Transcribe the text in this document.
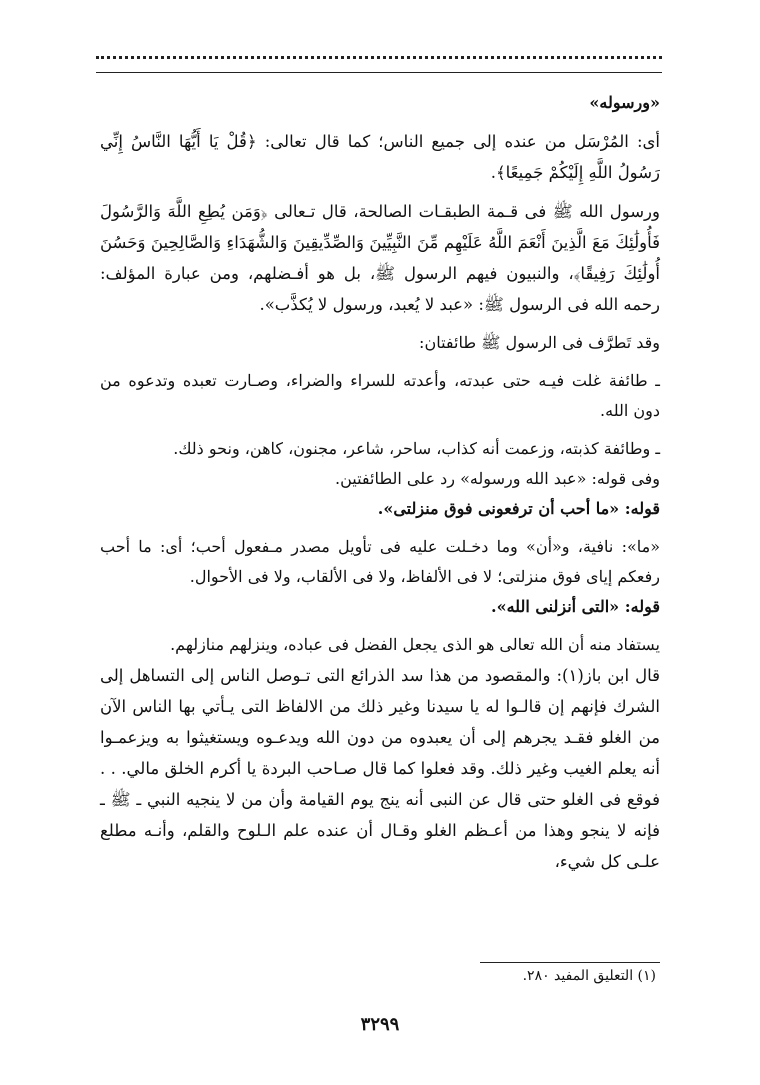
«ورسوله»

أى: المُرْسَل من عنده إلى جميع الناس؛ كما قال تعالى: ﴿قُلْ يَا أَيُّهَا النَّاسُ إِنِّي رَسُولُ اللَّهِ إِلَيْكُمْ جَمِيعًا﴾.

ورسول الله ﷺ فى قـمة الطبقـات الصالحة، قال تـعالى ﴿وَمَن يُطِعِ اللَّهَ وَالرَّسُولَ فَأُولَٰئِكَ مَعَ الَّذِينَ أَنْعَمَ اللَّهُ عَلَيْهِم مِّنَ النَّبِيِّينَ وَالصِّدِّيقِينَ وَالشُّهَدَاءِ وَالصَّالِحِينَ وَحَسُنَ أُولَٰئِكَ رَفِيقًا﴾، والنبيون فيهم الرسول ﷺ، بل هو أفـضلهم، ومن عبارة المؤلف: رحمه الله فى الرسول ﷺ: «عبد لا يُعبد، ورسول لا يُكذَّب».

وقد تَطرَّف فى الرسول ﷺ طائفتان:

ـ طائفة غلت فيـه حتى عبدته، وأعدته للسراء والضراء، وصـارت تعبده وتدعوه من دون الله.

ـ وطائفة كذبته، وزعمت أنه كذاب، ساحر، شاعر، مجنون، كاهن، ونحو ذلك.

وفى قوله: «عبد الله ورسوله» رد على الطائفتين.

قوله: «ما أحب أن ترفعونى فوق منزلتى».

«ما»: نافية، و«أن» وما دخـلت عليه فى تأويل مصدر مـفعول أحب؛ أى: ما أحب رفعكم إياى فوق منزلتى؛ لا فى الألفاظ، ولا فى الألقاب، ولا فى الأحوال.

قوله: «التى أنزلنى الله».

يستفاد منه أن الله تعالى هو الذى يجعل الفضل فى عباده، وينزلهم منازلهم.

قال ابن باز(١): والمقصود من هذا سد الذرائع التى تـوصل الناس إلى التساهل إلى الشرك فإنهم إن قالـوا له يا سيدنا وغير ذلك من الالفاظ التى يـأتي بها الناس الآن من الغلو فقـد يجرهم إلى أن يعبدوه من دون الله ويدعـوه ويستغيثوا به ويزعمـوا أنه يعلم الغيب وغير ذلك. وقد فعلوا كما قال صـاحب البردة يا أكرم الخلق مالي. . . فوقع فى الغلو حتى قال عن النبى أنه ينج يوم القيامة وأن من لا ينجيه النبي ـ ﷺ ـ فإنه لا ينجو وهذا من أعـظم الغلو وقـال أن عنده علم الـلوح والقلم، وأنـه مطلع علـى كل شيء،

(١) التعليق المفيد ٢٨٠.
٣٢٩٩
